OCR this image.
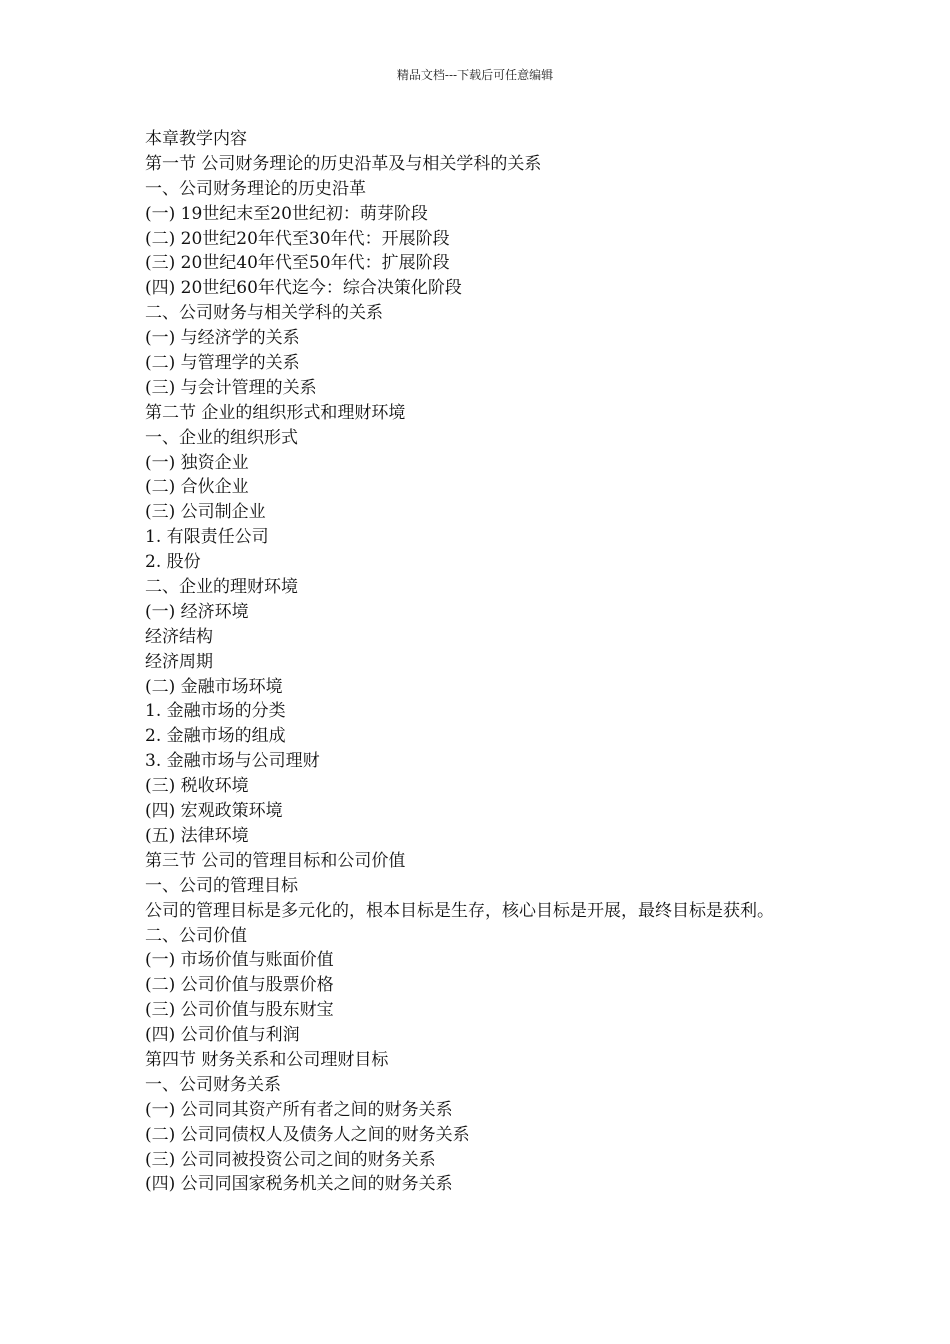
精品文档---下载后可任意编辑
本章教学内容
第一节 公司财务理论的历史沿革及与相关学科的关系
一、公司财务理论的历史沿革
(一) 19世纪末至20世纪初：萌芽阶段
(二) 20世纪20年代至30年代：开展阶段
(三) 20世纪40年代至50年代：扩展阶段
(四) 20世纪60年代迄今：综合决策化阶段
二、公司财务与相关学科的关系
(一) 与经济学的关系
(二) 与管理学的关系
(三) 与会计管理的关系
第二节 企业的组织形式和理财环境
一、企业的组织形式
(一) 独资企业
(二) 合伙企业
(三) 公司制企业
1. 有限责任公司
2. 股份
二、企业的理财环境
(一) 经济环境
经济结构
经济周期
(二) 金融市场环境
1. 金融市场的分类
2. 金融市场的组成
3. 金融市场与公司理财
(三) 税收环境
(四) 宏观政策环境
(五) 法律环境
第三节 公司的管理目标和公司价值
一、公司的管理目标
公司的管理目标是多元化的，根本目标是生存，核心目标是开展，最终目标是获利。
二、公司价值
(一) 市场价值与账面价值
(二) 公司价值与股票价格
(三) 公司价值与股东财宝
(四) 公司价值与利润
第四节 财务关系和公司理财目标
一、公司财务关系
(一) 公司同其资产所有者之间的财务关系
(二) 公司同债权人及债务人之间的财务关系
(三) 公司同被投资公司之间的财务关系
(四) 公司同国家税务机关之间的财务关系
